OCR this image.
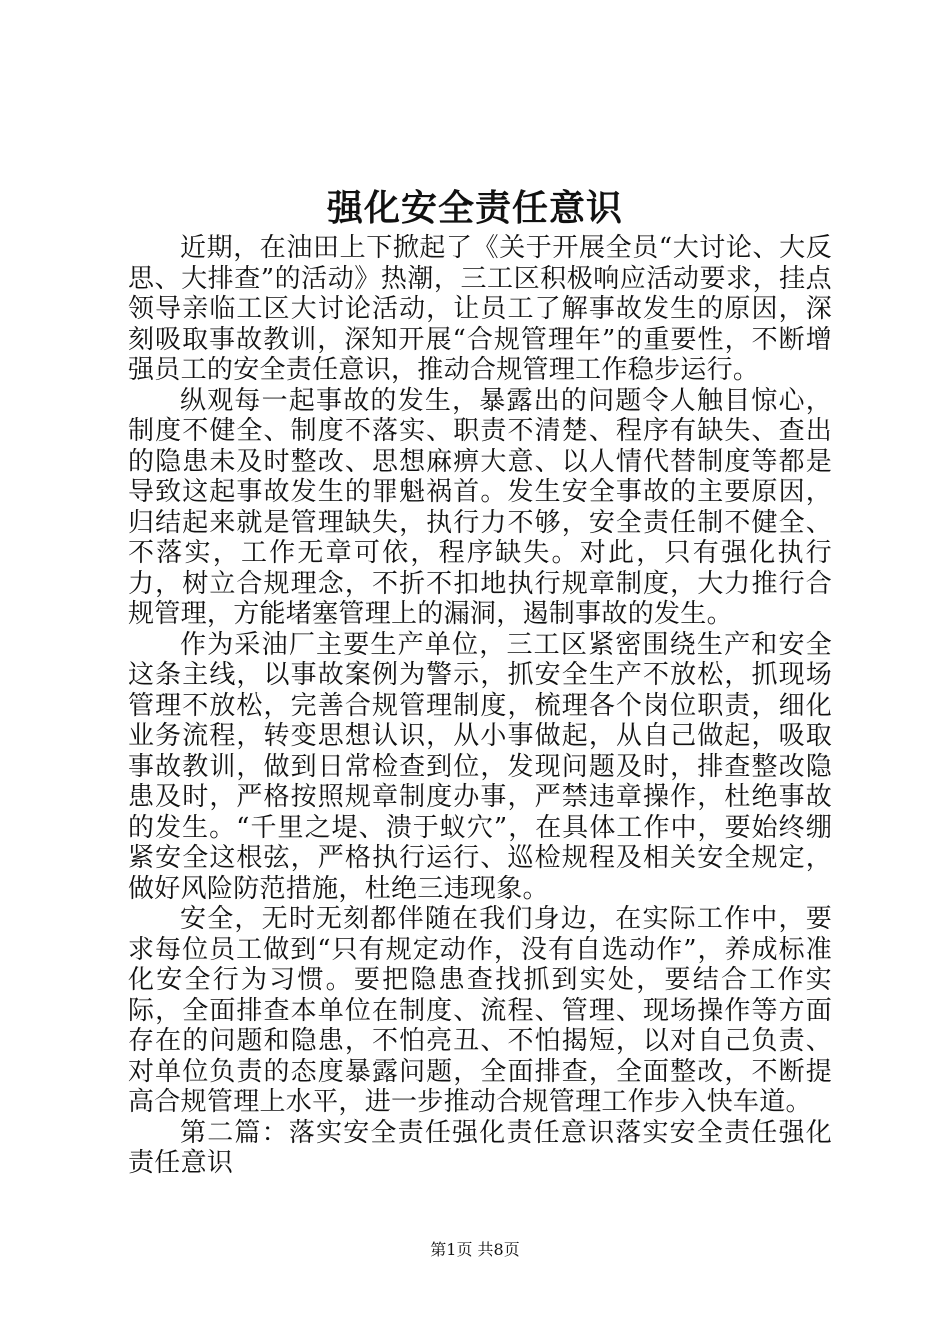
强化安全责任意识

近期，在油田上下掀起了《关于开展全员“大讨论、大反思、大排查”的活动》热潮，三工区积极响应活动要求，挂点领导亲临工区大讨论活动，让员工了解事故发生的原因，深刻吸取事故教训，深知开展“合规管理年”的重要性，不断增强员工的安全责任意识，推动合规管理工作稳步运行。

纵观每一起事故的发生，暴露出的问题令人触目惊心，制度不健全、制度不落实、职责不清楚、程序有缺失、查出的隐患未及时整改、思想麻痹大意、以人情代替制度等都是导致这起事故发生的罪魁祸首。发生安全事故的主要原因，归结起来就是管理缺失，执行力不够，安全责任制不健全、不落实，工作无章可依，程序缺失。对此，只有强化执行力，树立合规理念，不折不扣地执行规章制度，大力推行合规管理，方能堵塞管理上的漏洞，遏制事故的发生。

作为采油厂主要生产单位，三工区紧密围绕生产和安全这条主线，以事故案例为警示，抓安全生产不放松，抓现场管理不放松，完善合规管理制度，梳理各个岗位职责，细化业务流程，转变思想认识，从小事做起，从自己做起，吸取事故教训，做到日常检查到位，发现问题及时，排查整改隐患及时，严格按照规章制度办事，严禁违章操作，杜绝事故的发生。“千里之堤、溃于蚁穴”，在具体工作中，要始终绷紧安全这根弦，严格执行运行、巡检规程及相关安全规定，做好风险防范措施，杜绝三违现象。

安全，无时无刻都伴随在我们身边，在实际工作中，要求每位员工做到“只有规定动作，没有自选动作”，养成标准化安全行为习惯。要把隐患查找抓到实处，要结合工作实际，全面排查本单位在制度、流程、管理、现场操作等方面存在的问题和隐患，不怕亮丑、不怕揭短，以对自己负责、对单位负责的态度暴露问题，全面排查，全面整改，不断提高合规管理上水平，进一步推动合规管理工作步入快车道。

第二篇：落实安全责任强化责任意识落实安全责任强化责任意识

第1页 共8页
